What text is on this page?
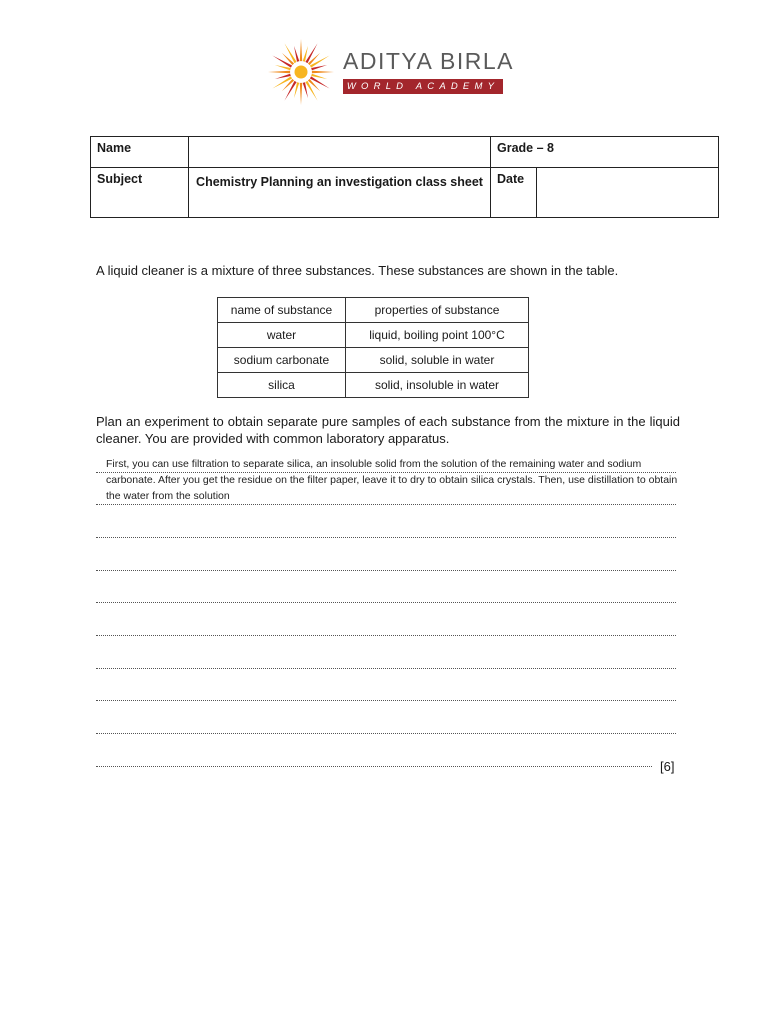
ADITYA BIRLA
WORLD ACADEMY
Name		Grade – 8	
Subject	Chemistry Planning an investigation class sheet	Date	
A liquid cleaner is a mixture of three substances. These substances are shown in the table.
name of substance	properties of substance
water	liquid, boiling point 100°C
sodium carbonate	solid, soluble in water
silica	solid, insoluble in water
Plan an experiment to obtain separate pure samples of each substance from the mixture in the liquid cleaner. You are provided with common laboratory apparatus.
First, you can use filtration to separate silica, an insoluble solid from the solution of the remaining water and sodium carbonate. After you get the residue on the filter paper, leave it to dry to obtain silica crystals. Then, use distillation to obtain the water from the solution
[6]
